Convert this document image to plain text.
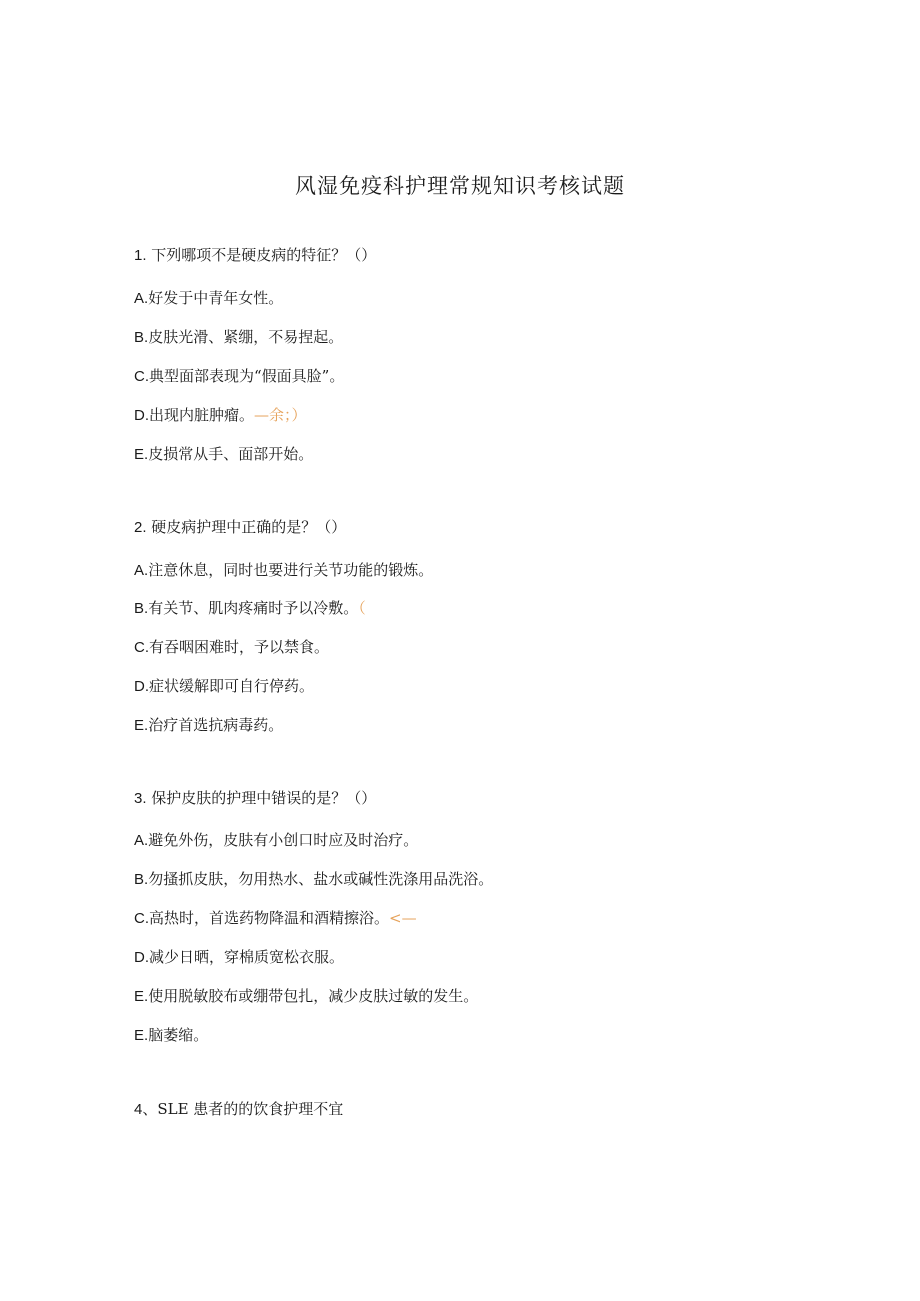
风湿免疫科护理常规知识考核试题
1. 下列哪项不是硬皮病的特征？（）
A.好发于中青年女性。
B.皮肤光滑、紧绷，不易捏起。
C.典型面部表现为“假面具脸”。
D.出现内脏肿瘤。—余；）
E.皮损常从手、面部开始。
2. 硬皮病护理中正确的是？（）
A.注意休息，同时也要进行关节功能的锻炼。
B.有关节、肌肉疼痛时予以冷敷。（
C.有吞咽困难时，予以禁食。
D.症状缓解即可自行停药。
E.治疗首选抗病毒药。
3. 保护皮肤的护理中错误的是？（）
A.避免外伤，皮肤有小创口时应及时治疗。
B.勿搔抓皮肤，勿用热水、盐水或碱性洗涤用品洗浴。
C.高热时，首选药物降温和酒精擦浴。<—
D.减少日晒，穿棉质宽松衣服。
E.使用脱敏胶布或绷带包扎，减少皮肤过敏的发生。
E.脑萎缩。
4、SLE 患者的的饮食护理不宜
